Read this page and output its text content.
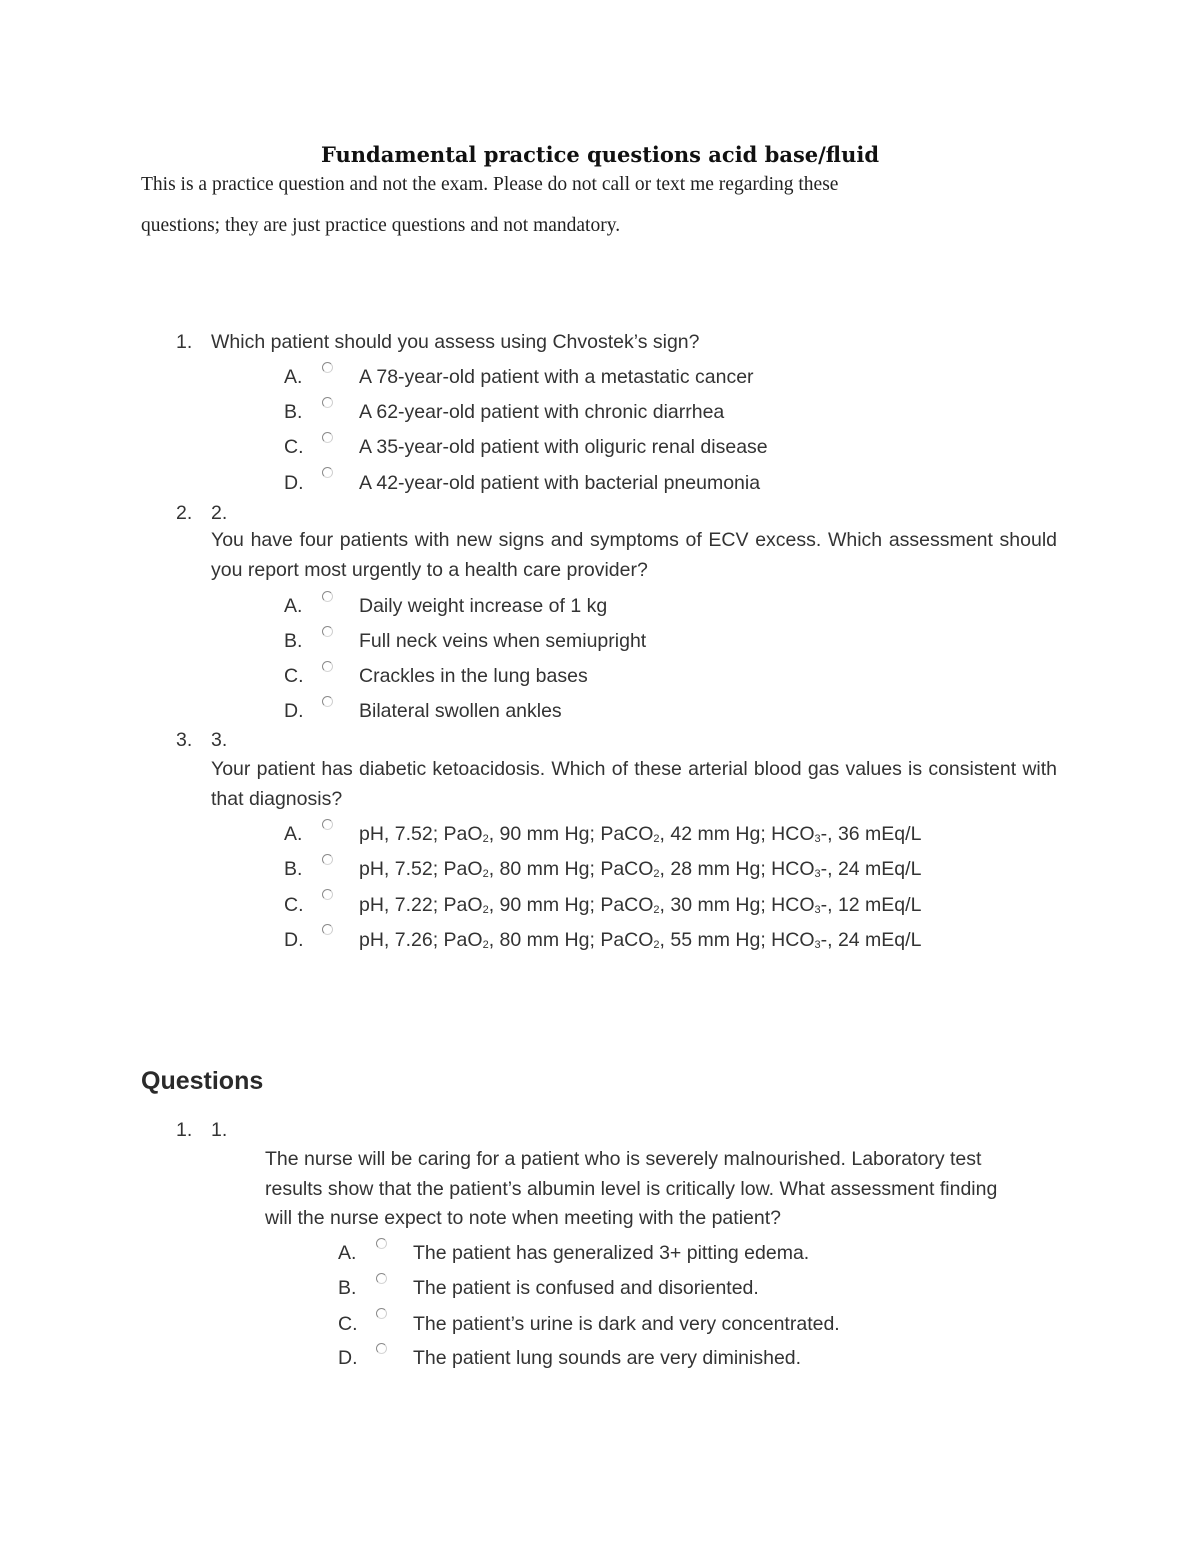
Fundamental practice questions acid base/fluid
This is a practice question and not the exam. Please do not call or text me regarding these
questions; they are just practice questions and not mandatory.
1. Which patient should you assess using Chvostek’s sign?
A.	A 78-year-old patient with a metastatic cancer
B.	A 62-year-old patient with chronic diarrhea
C.	A 35-year-old patient with oliguric renal disease
D.	A 42-year-old patient with bacterial pneumonia
2. 2.
You have four patients with new signs and symptoms of ECV excess. Which assessment should you report most urgently to a health care provider?
A.	Daily weight increase of 1 kg
B.	Full neck veins when semiupright
C.	Crackles in the lung bases
D.	Bilateral swollen ankles
3. 3.
Your patient has diabetic ketoacidosis. Which of these arterial blood gas values is consistent with that diagnosis?
A.	pH, 7.52; PaO$_2$, 90 mm Hg; PaCO$_2$, 42 mm Hg; $HCO_3-$, 36 mEq/L
B.	pH, 7.52; PaO$_2$, 80 mm Hg; PaCO$_2$, 28 mm Hg; $HCO_3-$, 24 mEq/L
C.	pH, 7.22; PaO$_2$, 90 mm Hg; PaCO$_2$, 30 mm Hg; $HCO_3-$, 12 mEq/L
D.	pH, 7.26; PaO$_2$, 80 mm Hg; PaCO$_2$, 55 mm Hg; $HCO_3-$, 24 mEq/L
Questions
1. 1.
The nurse will be caring for a patient who is severely malnourished. Laboratory test
results show that the patient’s albumin level is critically low. What assessment finding
will the nurse expect to note when meeting with the patient?
A.	The patient has generalized 3+ pitting edema.
B.	The patient is confused and disoriented.
C.	The patient’s urine is dark and very concentrated.
D.	The patient lung sounds are very diminished.
